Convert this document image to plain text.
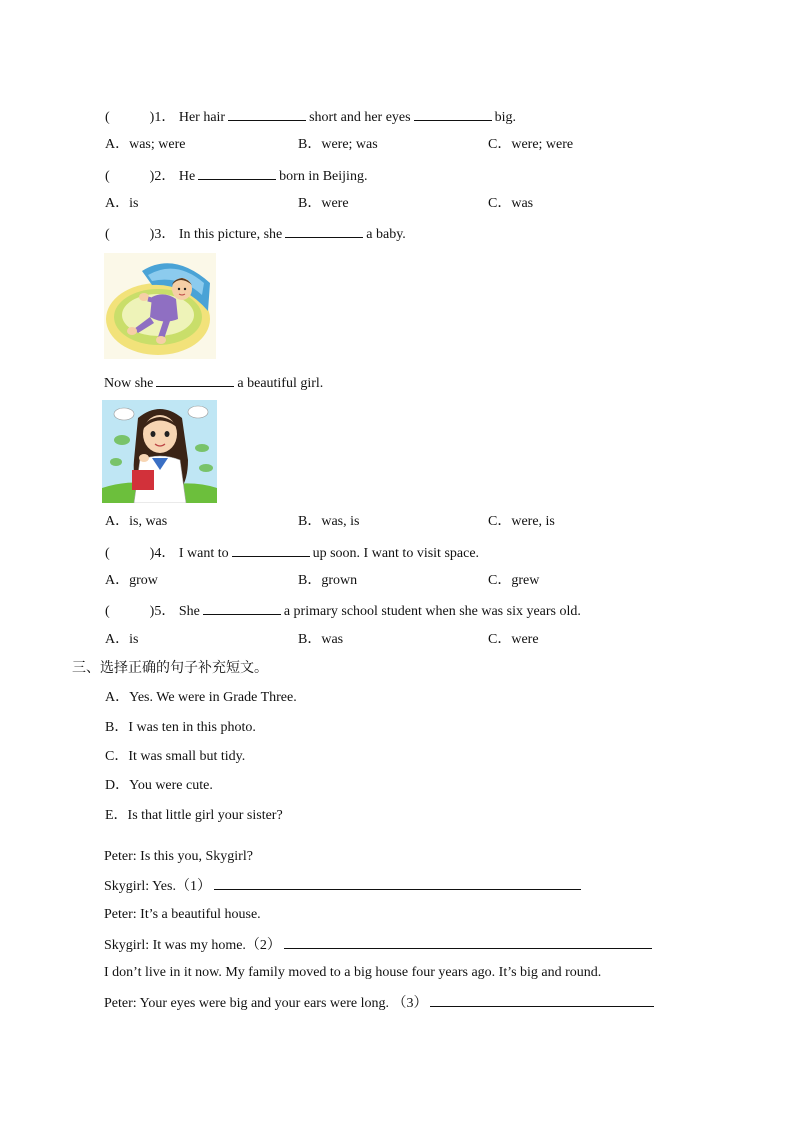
(	)1． Her hair	short and her eyes	big.
A．was; were	B．were; was	C．were; were
(	)2． He	born in Beijing.
A．is	B．were	C．was
(	)3． In this picture, she	a baby.
Now she	a beautiful girl.
A．is, was	B．was, is	C．were, is
(	)4． I want to	up soon. I want to visit space.
A．grow	B．grown	C．grew
(	)5． She	a primary school student when she was six years old.
A．is	B．was	C．were
三、选择正确的句子补充短文。
A．Yes. We were in Grade Three.
B．I was ten in this photo.
C．It was small but tidy.
D．You were cute.
E．Is that little girl your sister?
Peter: Is this you, Skygirl?
Skygirl: Yes.（1）
Peter: It’s a beautiful house.
Skygirl: It was my home.（2）
I don’t live in it now. My family moved to a big house four years ago. It’s big and round.
Peter: Your eyes were big and your ears were long. （3）
